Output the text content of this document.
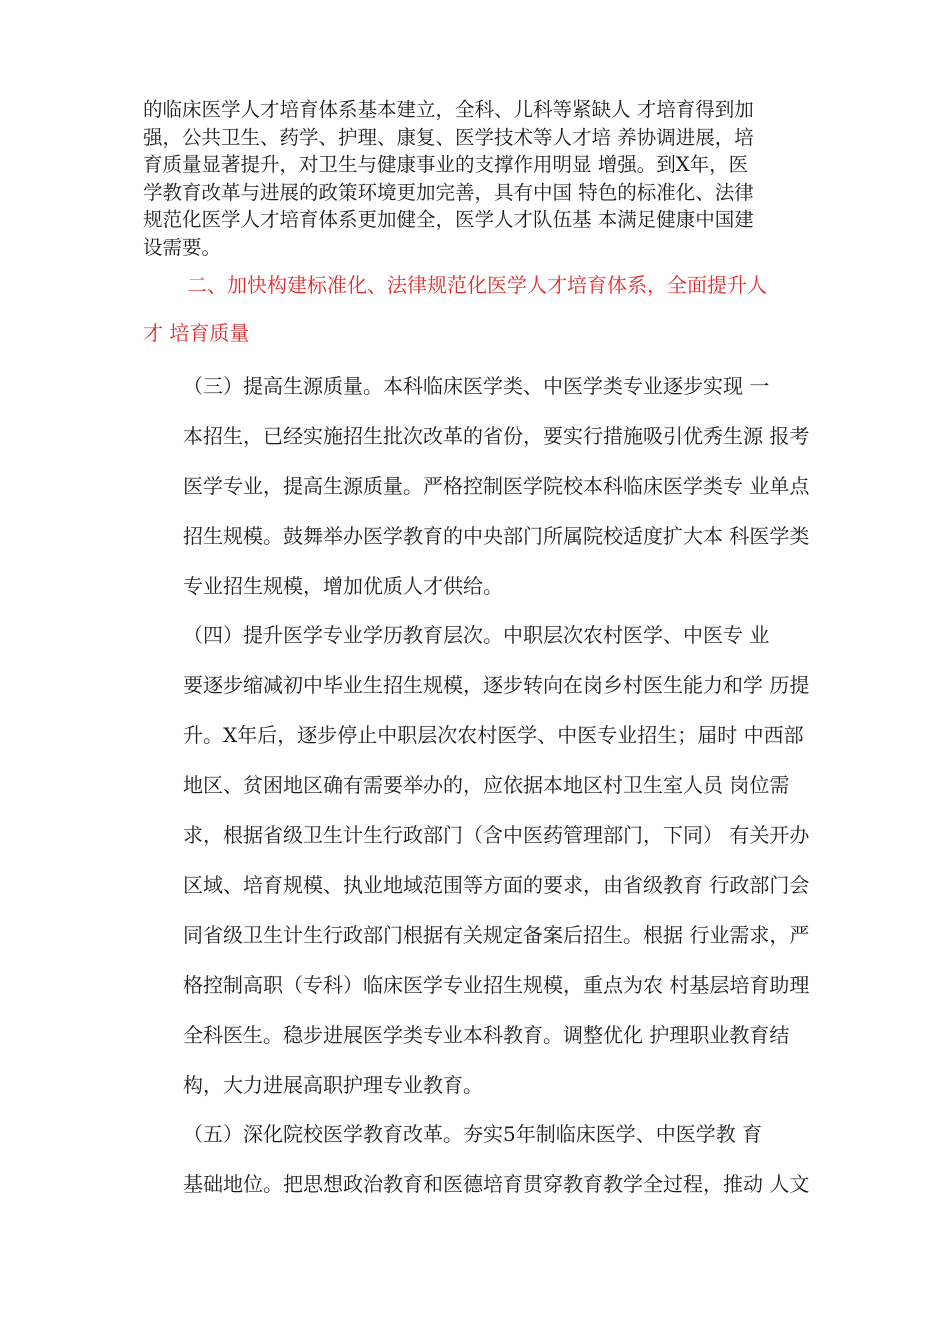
的临床医学人才培育体系基本建立，全科、儿科等紧缺人 才培育得到加
强，公共卫生、药学、护理、康复、医学技术等人才培 养协调进展，培
育质量显著提升，对卫生与健康事业的支撑作用明显 增强。到X年，医
学教育改革与进展的政策环境更加完善，具有中国 特色的标准化、法律
规范化医学人才培育体系更加健全，医学人才队伍基 本满足健康中国建
设需要。

二、加快构建标准化、法律规范化医学人才培育体系，全面提升人
才 培育质量

（三）提高生源质量。本科临床医学类、中医学类专业逐步实现 一
本招生，已经实施招生批次改革的省份，要实行措施吸引优秀生源 报考
医学专业，提高生源质量。严格控制医学院校本科临床医学类专 业单点
招生规模。鼓舞举办医学教育的中央部门所属院校适度扩大本 科医学类
专业招生规模，增加优质人才供给。

（四）提升医学专业学历教育层次。中职层次农村医学、中医专 业
要逐步缩减初中毕业生招生规模，逐步转向在岗乡村医生能力和学 历提
升。X年后，逐步停止中职层次农村医学、中医专业招生；届时 中西部
地区、贫困地区确有需要举办的，应依据本地区村卫生室人员 岗位需
求，根据省级卫生计生行政部门（含中医药管理部门，下同） 有关开办
区域、培育规模、执业地域范围等方面的要求，由省级教育 行政部门会
同省级卫生计生行政部门根据有关规定备案后招生。根据 行业需求，严
格控制高职（专科）临床医学专业招生规模，重点为农 村基层培育助理
全科医生。稳步进展医学类专业本科教育。调整优化 护理职业教育结
构，大力进展高职护理专业教育。

（五）深化院校医学教育改革。夯实5年制临床医学、中医学教 育
基础地位。把思想政治教育和医德培育贯穿教育教学全过程，推动 人文
